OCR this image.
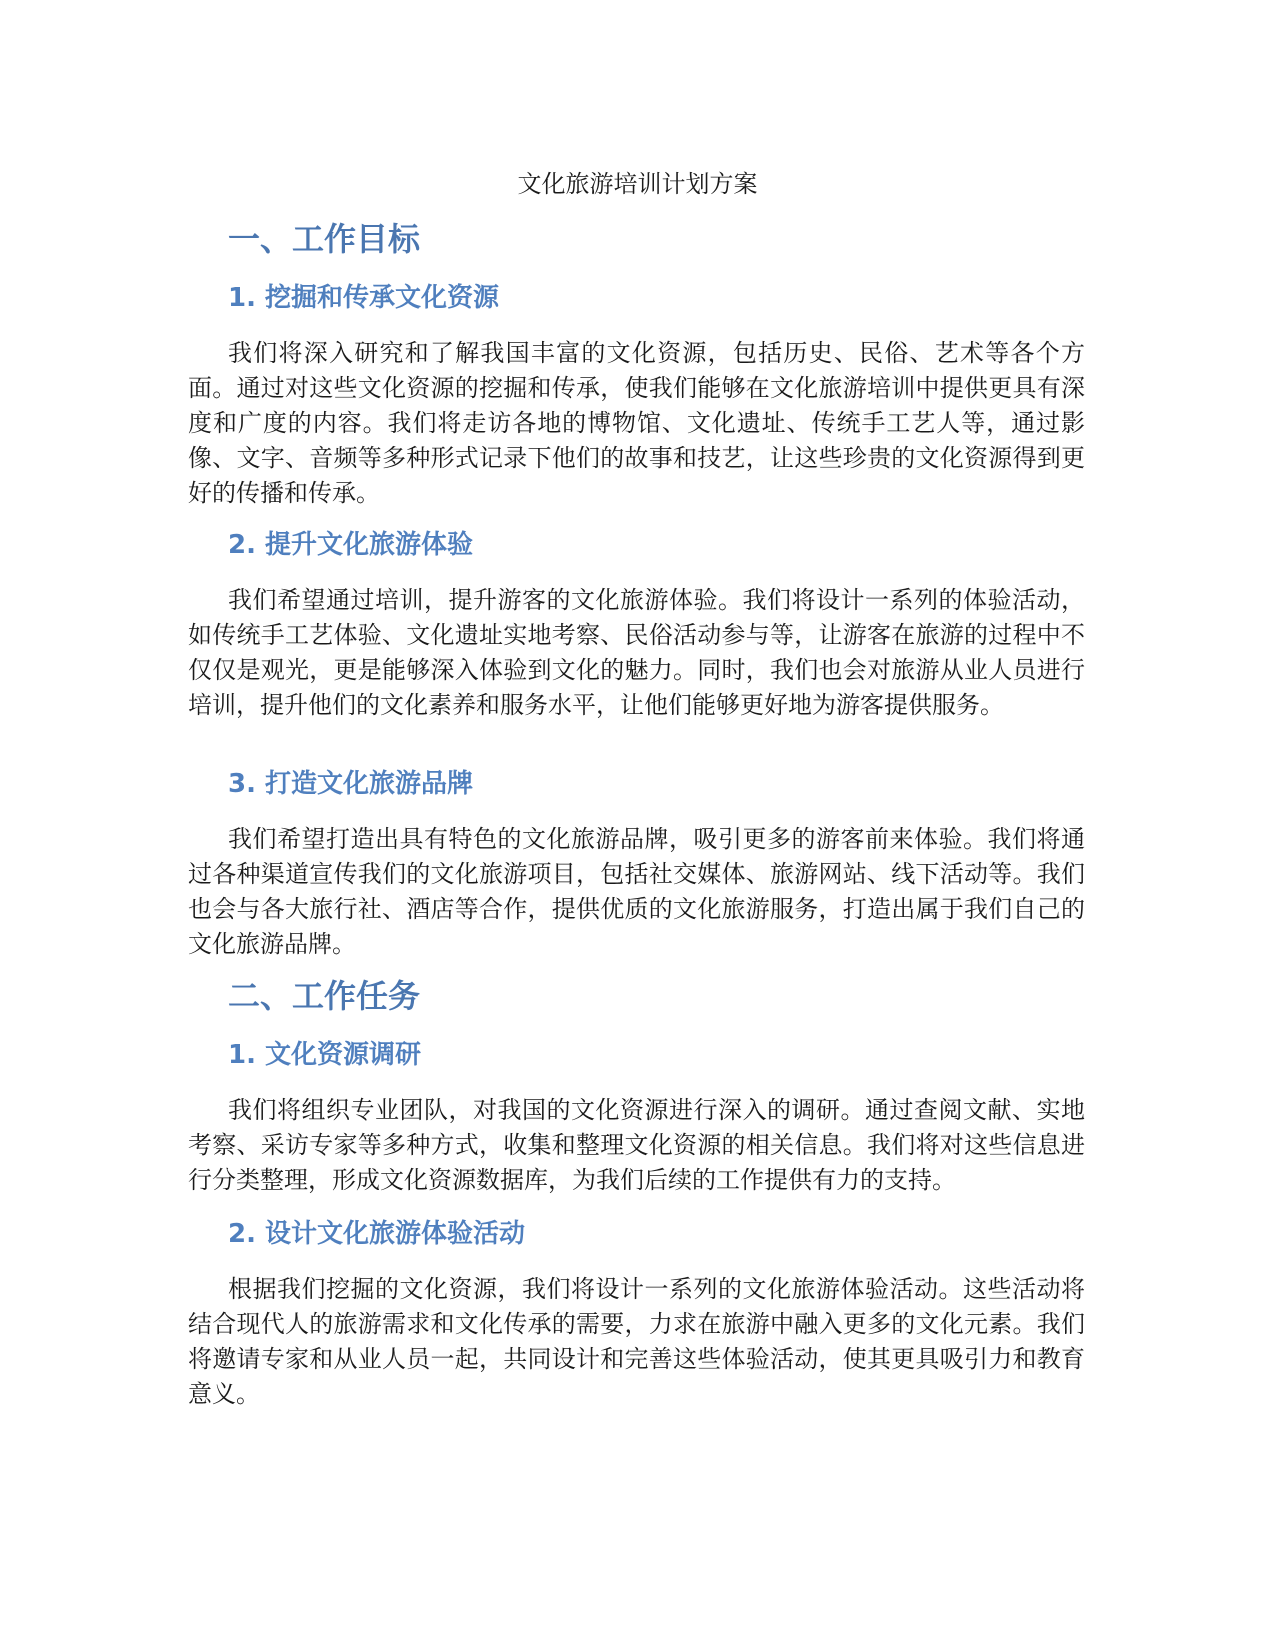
文化旅游培训计划方案
一、工作目标
1. 挖掘和传承文化资源

我们将深入研究和了解我国丰富的文化资源，包括历史、民俗、艺术等各个方面。通过对这些文化资源的挖掘和传承，使我们能够在文化旅游培训中提供更具有深度和广度的内容。我们将走访各地的博物馆、文化遗址、传统手工艺人等，通过影像、文字、音频等多种形式记录下他们的故事和技艺，让这些珍贵的文化资源得到更好的传播和传承。

2. 提升文化旅游体验

我们希望通过培训，提升游客的文化旅游体验。我们将设计一系列的体验活动，如传统手工艺体验、文化遗址实地考察、民俗活动参与等，让游客在旅游的过程中不仅仅是观光，更是能够深入体验到文化的魅力。同时，我们也会对旅游从业人员进行培训，提升他们的文化素养和服务水平，让他们能够更好地为游客提供服务。

3. 打造文化旅游品牌

我们希望打造出具有特色的文化旅游品牌，吸引更多的游客前来体验。我们将通过各种渠道宣传我们的文化旅游项目，包括社交媒体、旅游网站、线下活动等。我们也会与各大旅行社、酒店等合作，提供优质的文化旅游服务，打造出属于我们自己的文化旅游品牌。

二、工作任务
1. 文化资源调研

我们将组织专业团队，对我国的文化资源进行深入的调研。通过查阅文献、实地考察、采访专家等多种方式，收集和整理文化资源的相关信息。我们将对这些信息进行分类整理，形成文化资源数据库，为我们后续的工作提供有力的支持。

2. 设计文化旅游体验活动

根据我们挖掘的文化资源，我们将设计一系列的文化旅游体验活动。这些活动将结合现代人的旅游需求和文化传承的需要，力求在旅游中融入更多的文化元素。我们将邀请专家和从业人员一起，共同设计和完善这些体验活动，使其更具吸引力和教育意义。
